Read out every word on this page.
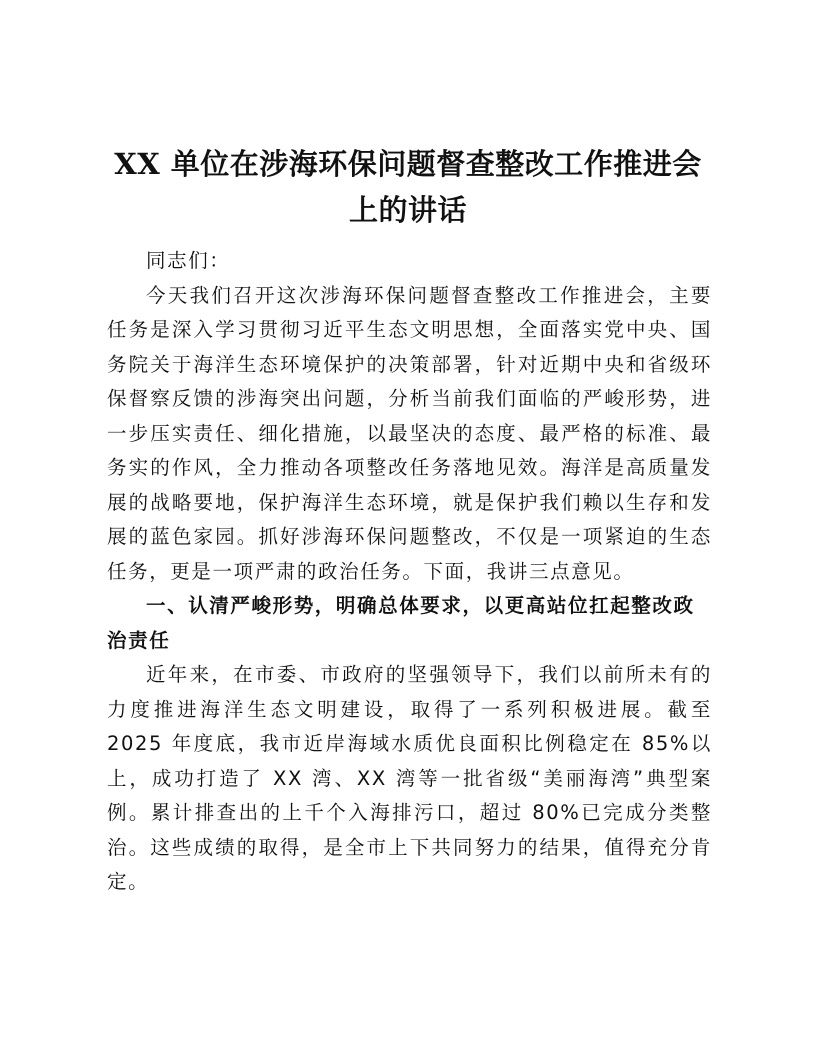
XX 单位在涉海环保问题督查整改工作推进会上的讲话

同志们：

今天我们召开这次涉海环保问题督查整改工作推进会，主要任务是深入学习贯彻习近平生态文明思想，全面落实党中央、国务院关于海洋生态环境保护的决策部署，针对近期中央和省级环保督察反馈的涉海突出问题，分析当前我们面临的严峻形势，进一步压实责任、细化措施，以最坚决的态度、最严格的标准、最务实的作风，全力推动各项整改任务落地见效。海洋是高质量发展的战略要地，保护海洋生态环境，就是保护我们赖以生存和发展的蓝色家园。抓好涉海环保问题整改，不仅是一项紧迫的生态任务，更是一项严肃的政治任务。下面，我讲三点意见。

一、认清严峻形势，明确总体要求，以更高站位扛起整改政治责任

近年来，在市委、市政府的坚强领导下，我们以前所未有的力度推进海洋生态文明建设，取得了一系列积极进展。截至 2025 年度底，我市近岸海域水质优良面积比例稳定在 85%以上，成功打造了 XX 湾、XX 湾等一批省级“美丽海湾”典型案例。累计排查出的上千个入海排污口，超过 80%已完成分类整治。这些成绩的取得，是全市上下共同努力的结果，值得充分肯定。
